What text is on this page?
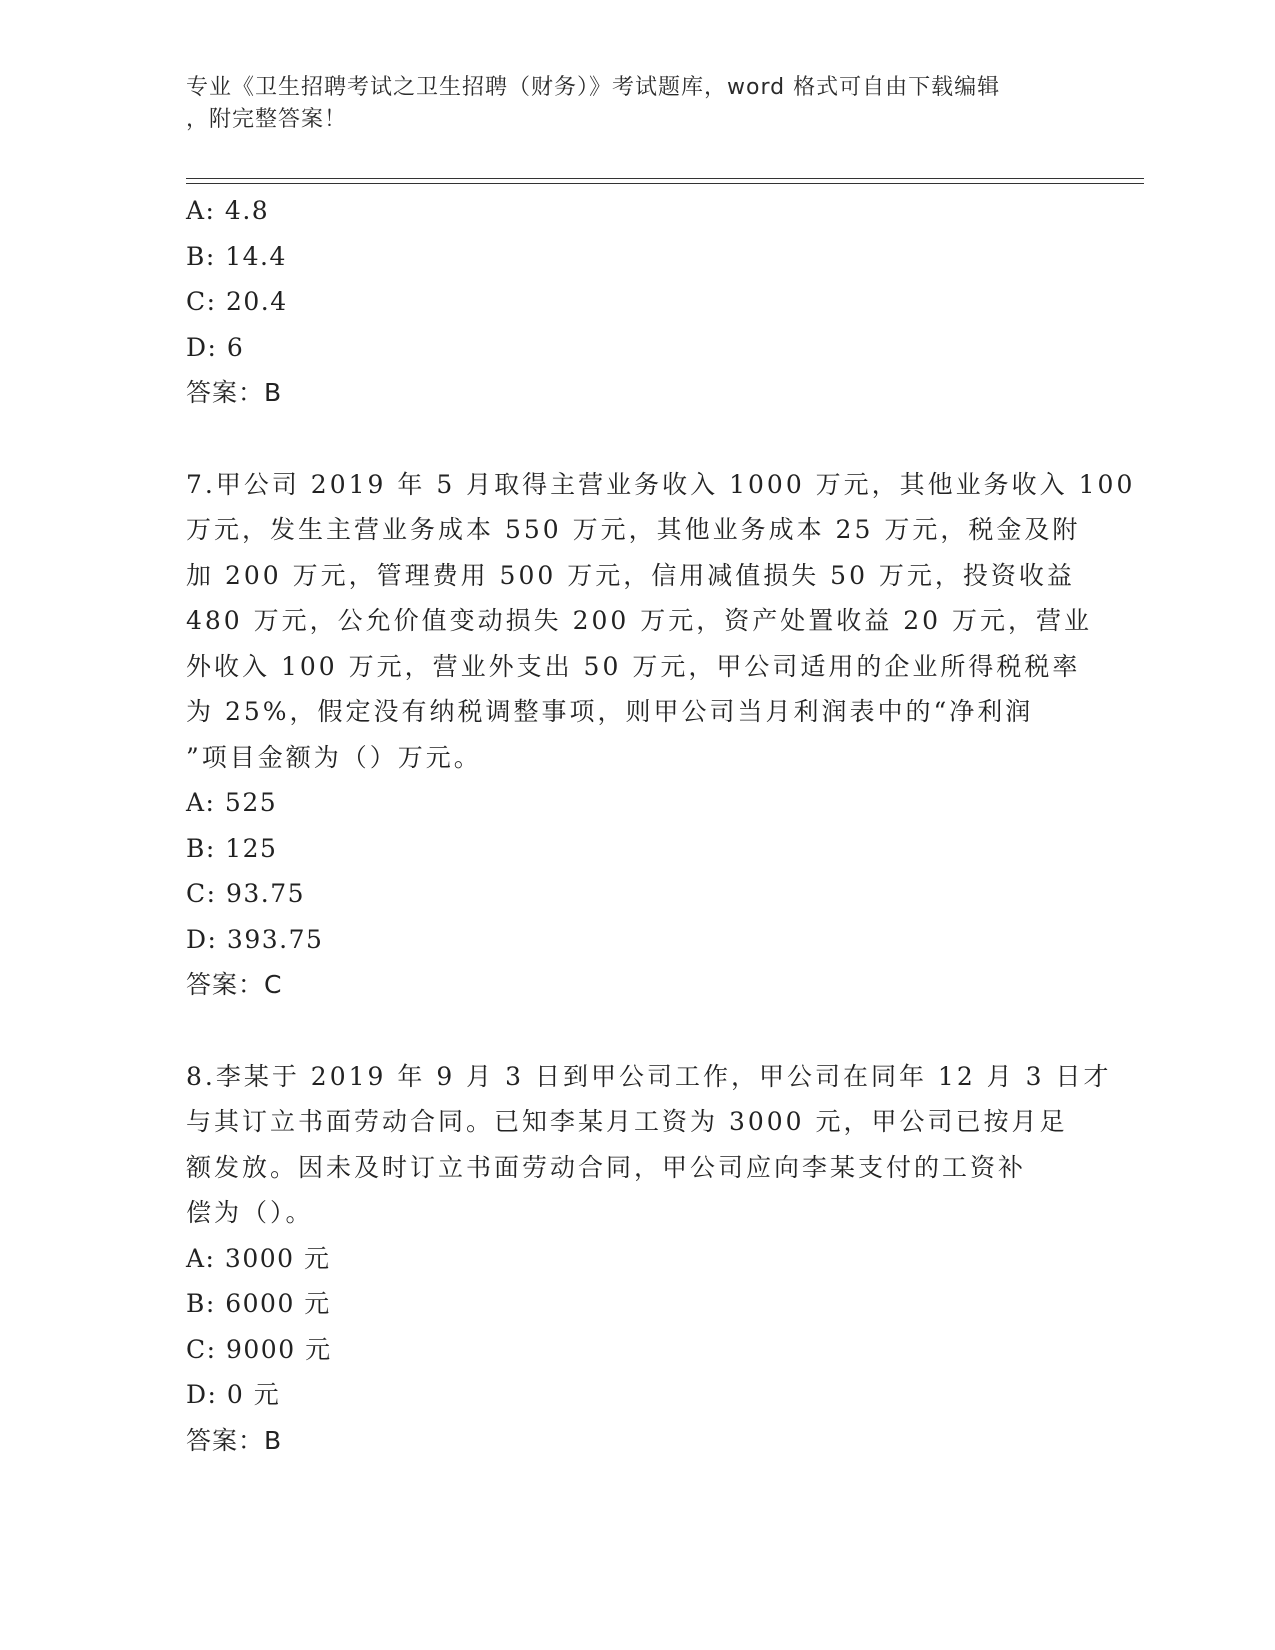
专业《卫生招聘考试之卫生招聘（财务）》考试题库，word 格式可自由下载编辑
，附完整答案！
A: 4.8
B: 14.4
C: 20.4
D: 6
答案：B
7.甲公司 2019 年 5 月取得主营业务收入 1000 万元，其他业务收入 100
万元，发生主营业务成本 550 万元，其他业务成本 25 万元，税金及附
加 200 万元，管理费用 500 万元，信用减值损失 50 万元，投资收益
480 万元，公允价值变动损失 200 万元，资产处置收益 20 万元，营业
外收入 100 万元，营业外支出 50 万元，甲公司适用的企业所得税税率
为 25%，假定没有纳税调整事项，则甲公司当月利润表中的“净利润
”项目金额为（）万元。
A: 525
B: 125
C: 93.75
D: 393.75
答案：C
8.李某于 2019 年 9 月 3 日到甲公司工作，甲公司在同年 12 月 3 日才
与其订立书面劳动合同。已知李某月工资为 3000 元，甲公司已按月足
额发放。因未及时订立书面劳动合同，甲公司应向李某支付的工资补
偿为（）。
A: 3000 元
B: 6000 元
C: 9000 元
D: 0 元
答案：B
